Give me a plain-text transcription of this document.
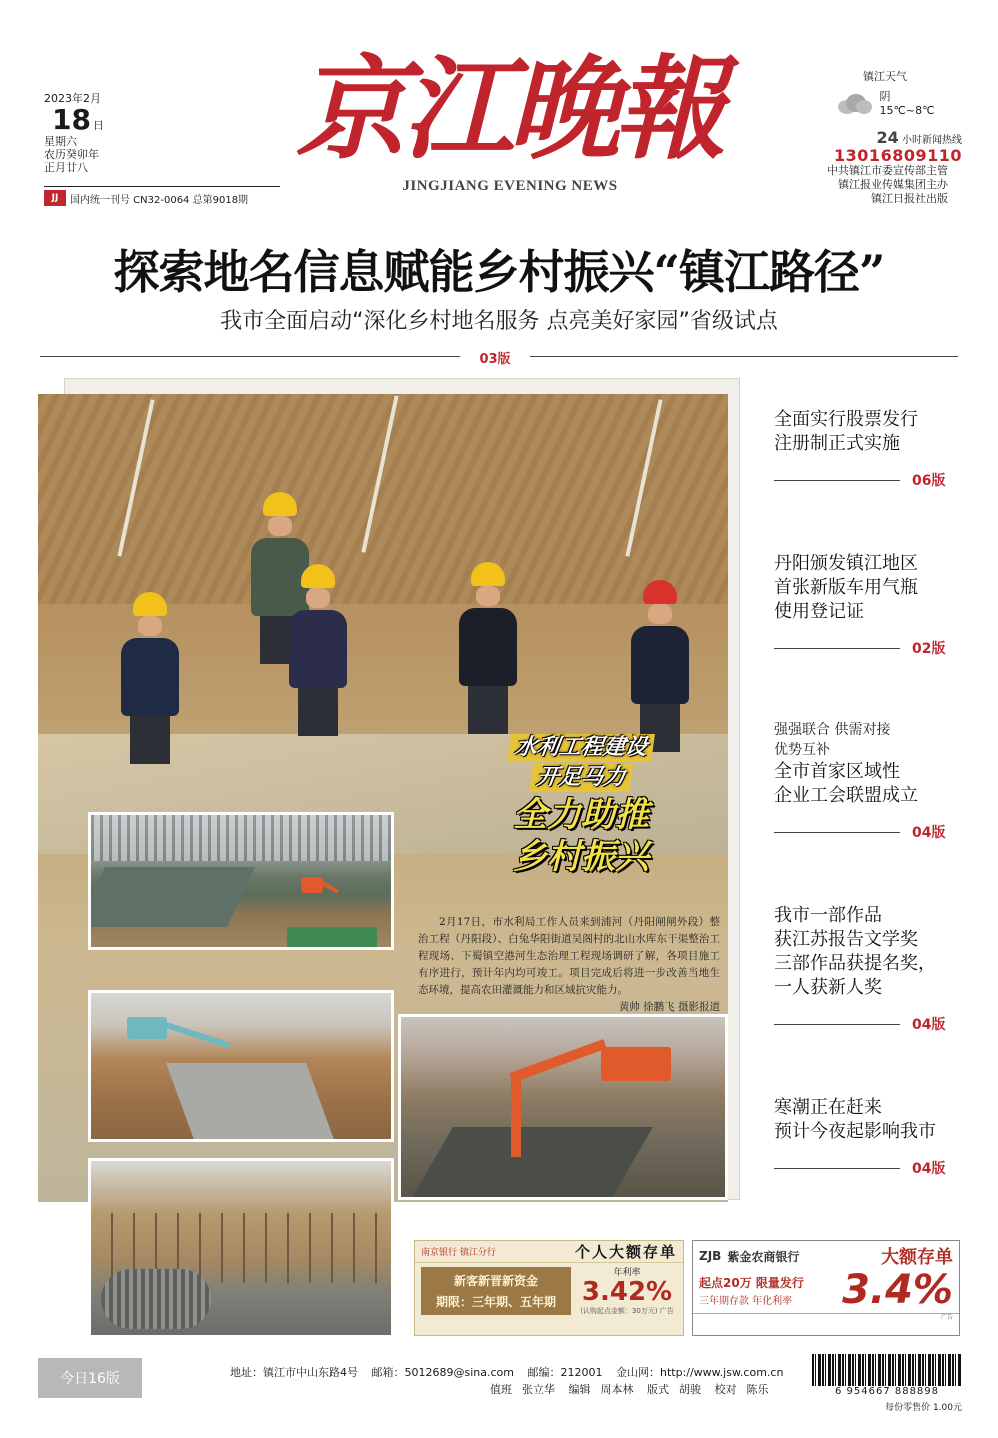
2023年2月
18 日
星期六
农历癸卯年
正月廿八
JJ	国内统一刊号 CN32-0064 总第9018期
京江晚報
JINGJIANG EVENING NEWS
镇江天气
阴
15℃~8℃
24 小时新闻热线
13016809110
中共镇江市委宣传部主管
镇江报业传媒集团主办
镇江日报社出版
探索地名信息赋能乡村振兴“镇江路径”
我市全面启动“深化乡村地名服务 点亮美好家园”省级试点
03版
水利工程建设
开足马力
全力助推
乡村振兴
2月17日，市水利局工作人员来到浦河（丹阳闸闸外段）整治工程（丹阳段）、白兔华阳街道吴阁村的北山水库东干渠整治工程现场、下蜀镇空港河生态治理工程现场调研了解，各项目施工有序进行，预计年内均可竣工。项目完成后将进一步改善当地生态环境，提高农田灌溉能力和区域抗灾能力。
黄帅 徐鹏飞 摄影报道
全面实行股票发行
注册制正式实施
06版
丹阳颁发镇江地区
首张新版车用气瓶
使用登记证
02版
强强联合 供需对接
优势互补
全市首家区域性
企业工会联盟成立
04版
我市一部作品
获江苏报告文学奖
三部作品获提名奖，
一人获新人奖
04版
寒潮正在赶来
预计今夜起影响我市
04版
南京银行 镇江分行	个人大额存单
新客新晋新资金
期限：三年期、五年期
年利率
3.42%
(认购起点金额：30万元) 广告
ZJB 紫金农商银行	大额存单
起点20万 限量发行
三年期存款 年化利率 3.4%
广告
今日16版	地址：镇江市中山东路4号 邮箱：5012689@sina.com 邮编：212001 金山网：http://www.jsw.com.cn
值班 张立华 编辑 周本林 版式 胡骏 校对 陈乐	6 954667 888898
每份零售价 1.00元
